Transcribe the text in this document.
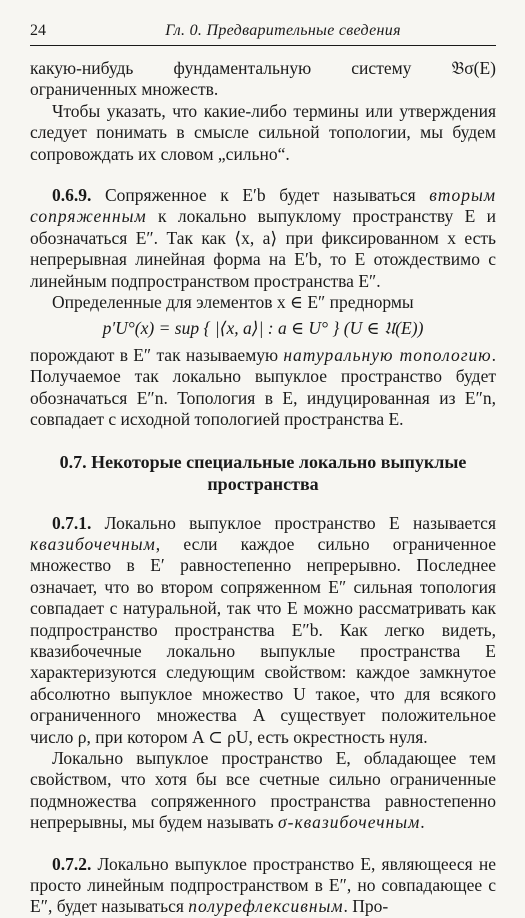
24	Гл. 0. Предварительные сведения

какую-нибудь фундаментальную систему 𝔅σ(E) ограниченных множеств.

Чтобы указать, что какие-либо термины или утверждения следует понимать в смысле сильной топологии, мы будем сопровождать их словом „сильно“.

0.6.9. Сопряженное к E′b будет называться вторым сопряженным к локально выпуклому пространству E и обозначаться E″. Так как ⟨x, a⟩ при фиксированном x есть непрерывная линейная форма на E′b, то E отождествимо с линейным подпространством пространства E″.

Определенные для элементов x ∈ E″ преднормы

p′U°(x) = sup { |⟨x, a⟩| : a ∈ U° } (U ∈ 𝔘(E))

порождают в E″ так называемую натуральную топологию. Получаемое так локально выпуклое пространство будет обозначаться E″n. Топология в E, индуцированная из E″n, совпадает с исходной топологией пространства E.

0.7. Некоторые специальные локально выпуклые пространства

0.7.1. Локально выпуклое пространство E называется квазибочечным, если каждое сильно ограниченное множество в E′ равностепенно непрерывно. Последнее означает, что во втором сопряженном E″ сильная топология совпадает с натуральной, так что E можно рассматривать как подпространство пространства E″b. Как легко видеть, квазибочечные локально выпуклые пространства E характеризуются следующим свойством: каждое замкнутое абсолютно выпуклое множество U такое, что для всякого ограниченного множества A существует положительное число ρ, при котором A ⊂ ρU, есть окрестность нуля.

Локально выпуклое пространство E, обладающее тем свойством, что хотя бы все счетные сильно ограниченные подмножества сопряженного пространства равностепенно непрерывны, мы будем называть σ-квазибочечным.

0.7.2. Локально выпуклое пространство E, являющееся не просто линейным подпространством в E″, но совпадающее с E″, будет называться полурефлексивным. Про-
